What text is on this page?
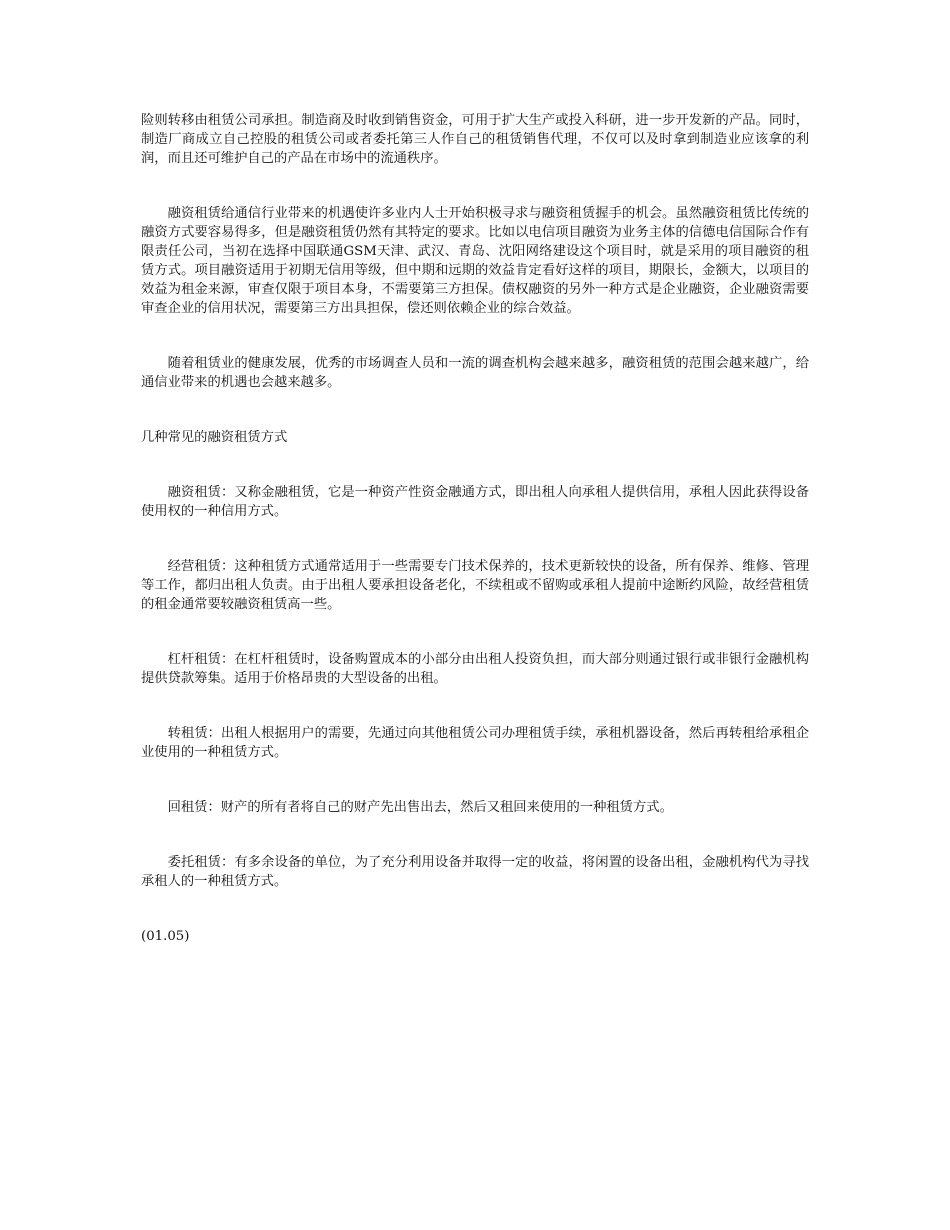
险则转移由租赁公司承担。制造商及时收到销售资金，可用于扩大生产或投入科研，进一步开发新的产品。同时，制造厂商成立自己控股的租赁公司或者委托第三人作自己的租赁销售代理，不仅可以及时拿到制造业应该拿的利润，而且还可维护自己的产品在市场中的流通秩序。

融资租赁给通信行业带来的机遇使许多业内人士开始积极寻求与融资租赁握手的机会。虽然融资租赁比传统的融资方式要容易得多，但是融资租赁仍然有其特定的要求。比如以电信项目融资为业务主体的信德电信国际合作有限责任公司，当初在选择中国联通GSM天津、武汉、青岛、沈阳网络建设这个项目时，就是采用的项目融资的租赁方式。项目融资适用于初期无信用等级，但中期和远期的效益肯定看好这样的项目，期限长，金额大，以项目的效益为租金来源，审查仅限于项目本身，不需要第三方担保。债权融资的另外一种方式是企业融资，企业融资需要审查企业的信用状况，需要第三方出具担保，偿还则依赖企业的综合效益。

随着租赁业的健康发展，优秀的市场调查人员和一流的调查机构会越来越多，融资租赁的范围会越来越广，给通信业带来的机遇也会越来越多。

几种常见的融资租赁方式

融资租赁：又称金融租赁，它是一种资产性资金融通方式，即出租人向承租人提供信用，承租人因此获得设备使用权的一种信用方式。

经营租赁：这种租赁方式通常适用于一些需要专门技术保养的，技术更新较快的设备，所有保养、维修、管理等工作，都归出租人负责。由于出租人要承担设备老化，不续租或不留购或承租人提前中途断约风险，故经营租赁的租金通常要较融资租赁高一些。

杠杆租赁：在杠杆租赁时，设备购置成本的小部分由出租人投资负担，而大部分则通过银行或非银行金融机构提供贷款筹集。适用于价格昂贵的大型设备的出租。

转租赁：出租人根据用户的需要，先通过向其他租赁公司办理租赁手续，承租机器设备，然后再转租给承租企业使用的一种租赁方式。

回租赁：财产的所有者将自己的财产先出售出去，然后又租回来使用的一种租赁方式。

委托租赁：有多余设备的单位，为了充分利用设备并取得一定的收益，将闲置的设备出租，金融机构代为寻找承租人的一种租赁方式。

(01.05)
